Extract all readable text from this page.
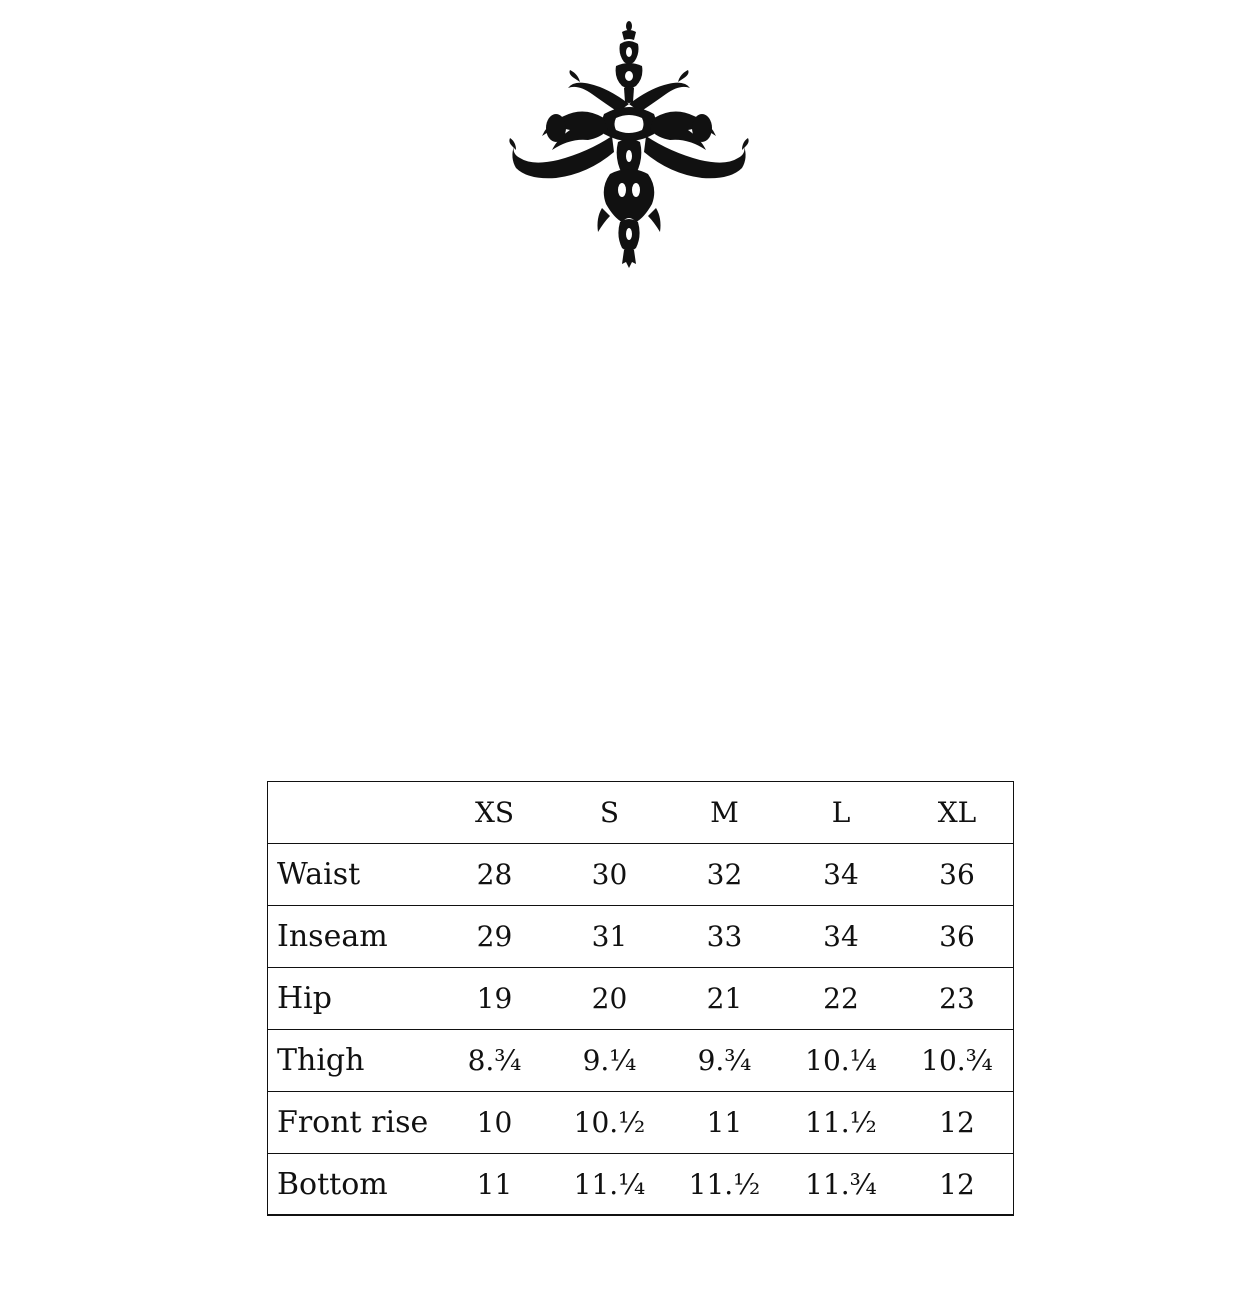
	XS	S	M	L	XL
Waist	28	30	32	34	36
Inseam	29	31	33	34	36
Hip	19	20	21	22	23
Thigh	8.¾	9.¼	9.¾	10.¼	10.¾
Front rise	10	10.½	11	11.½	12
Bottom	11	11.¼	11.½	11.¾	12
